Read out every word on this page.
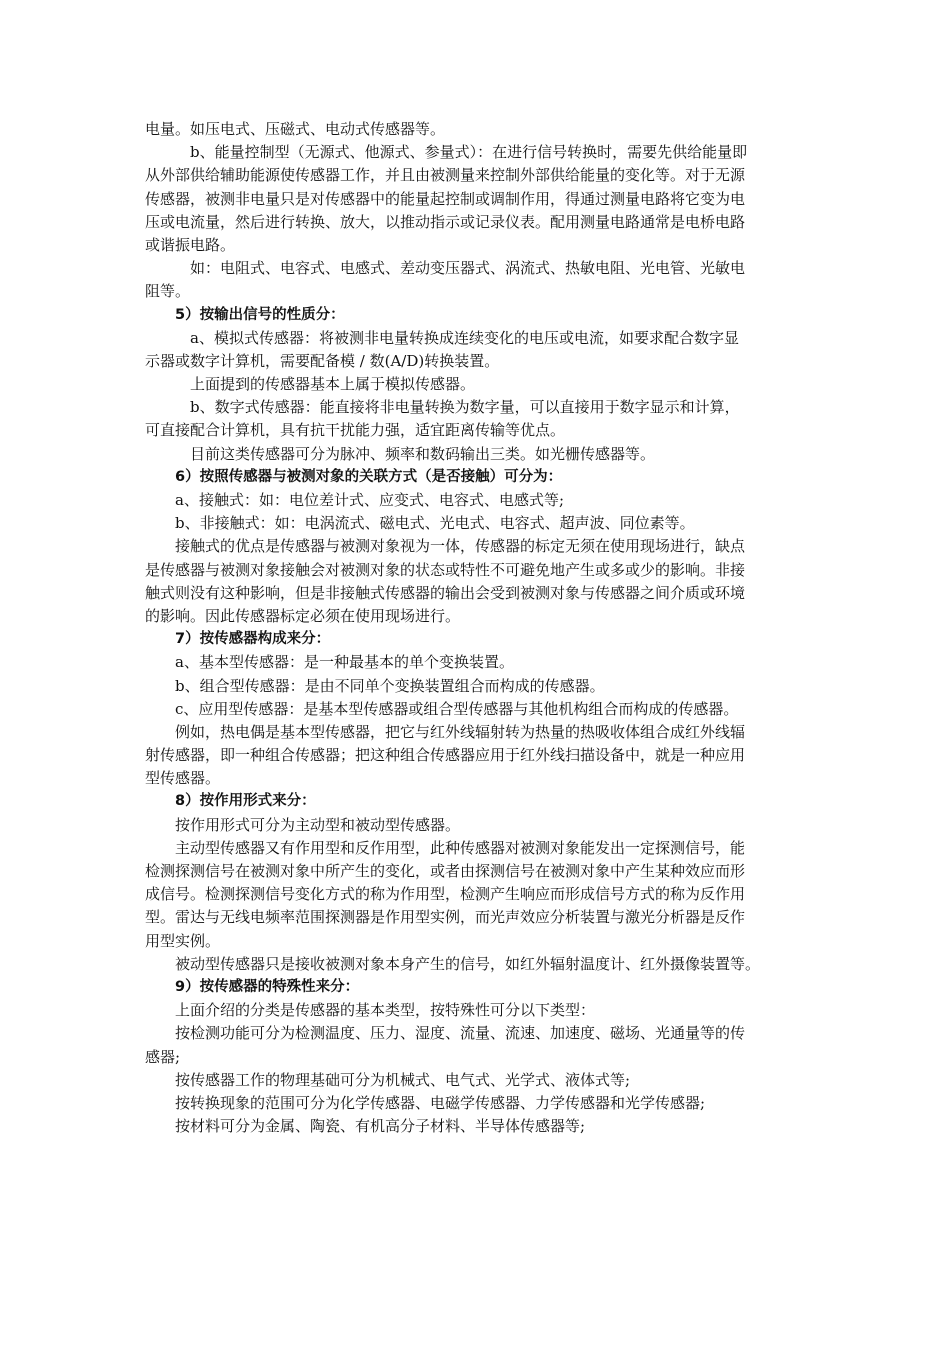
电量。如压电式、压磁式、电动式传感器等。
b、能量控制型（无源式、他源式、参量式）：在进行信号转换时，需要先供给能量即
从外部供给辅助能源使传感器工作，并且由被测量来控制外部供给能量的变化等。对于无源
传感器，被测非电量只是对传感器中的能量起控制或调制作用，得通过测量电路将它变为电
压或电流量，然后进行转换、放大，以推动指示或记录仪表。配用测量电路通常是电桥电路
或谐振电路。
如：电阻式、电容式、电感式、差动变压器式、涡流式、热敏电阻、光电管、光敏电
阻等。
5）按输出信号的性质分：
a、模拟式传感器：将被测非电量转换成连续变化的电压或电流，如要求配合数字显
示器或数字计算机，需要配备模 / 数(A/D)转换装置。
上面提到的传感器基本上属于模拟传感器。
b、数字式传感器：能直接将非电量转换为数字量，可以直接用于数字显示和计算，
可直接配合计算机，具有抗干扰能力强，适宜距离传输等优点。
目前这类传感器可分为脉冲、频率和数码输出三类。如光栅传感器等。
6）按照传感器与被测对象的关联方式（是否接触）可分为：
a、接触式：如：电位差计式、应变式、电容式、电感式等;
b、非接触式：如：电涡流式、磁电式、光电式、电容式、超声波、同位素等。
接触式的优点是传感器与被测对象视为一体，传感器的标定无须在使用现场进行，缺点
是传感器与被测对象接触会对被测对象的状态或特性不可避免地产生或多或少的影响。非接
触式则没有这种影响，但是非接触式传感器的输出会受到被测对象与传感器之间介质或环境
的影响。因此传感器标定必须在使用现场进行。
7）按传感器构成来分：
a、基本型传感器：是一种最基本的单个变换装置。
b、组合型传感器：是由不同单个变换装置组合而构成的传感器。
c、应用型传感器：是基本型传感器或组合型传感器与其他机构组合而构成的传感器。
例如，热电偶是基本型传感器，把它与红外线辐射转为热量的热吸收体组合成红外线辐
射传感器，即一种组合传感器；把这种组合传感器应用于红外线扫描设备中，就是一种应用
型传感器。
8）按作用形式来分：
按作用形式可分为主动型和被动型传感器。
主动型传感器又有作用型和反作用型，此种传感器对被测对象能发出一定探测信号，能
检测探测信号在被测对象中所产生的变化，或者由探测信号在被测对象中产生某种效应而形
成信号。检测探测信号变化方式的称为作用型，检测产生响应而形成信号方式的称为反作用
型。雷达与无线电频率范围探测器是作用型实例，而光声效应分析装置与激光分析器是反作
用型实例。
被动型传感器只是接收被测对象本身产生的信号，如红外辐射温度计、红外摄像装置等。
9）按传感器的特殊性来分：
上面介绍的分类是传感器的基本类型，按特殊性可分以下类型：
按检测功能可分为检测温度、压力、湿度、流量、流速、加速度、磁场、光通量等的传
感器;
按传感器工作的物理基础可分为机械式、电气式、光学式、液体式等;
按转换现象的范围可分为化学传感器、电磁学传感器、力学传感器和光学传感器;
按材料可分为金属、陶瓷、有机高分子材料、半导体传感器等;
